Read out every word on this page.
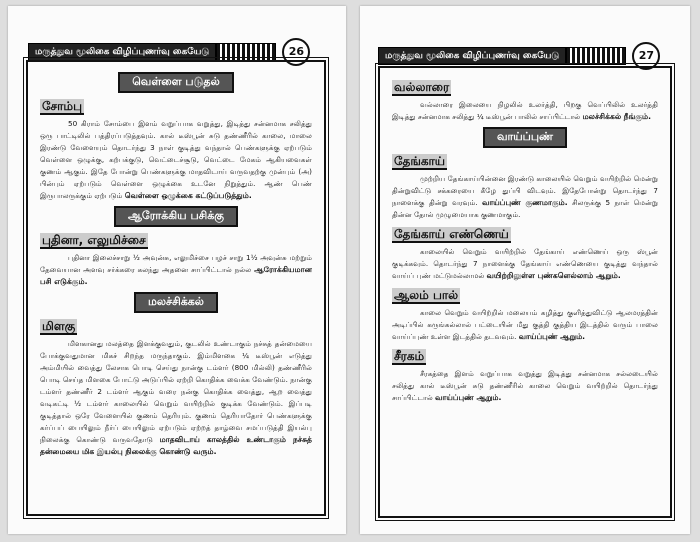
மருத்துவ மூலிகை விழிப்புணர்வு கையேடு	26
வெள்ளை படுதல்
சோம்பு

50 கிராம் சோம்பை இளம் வறுப்பாக வறுத்து, இடித்து சன்னமாக சலித்து ஒரு பாட்டிலில் பத்திரப்படுத்தவும். கால் டீஸ்பூன் சுடு தண்ணீரில் காலை, மாலை இரண்டு வேளையும் தொடர்ந்து 3 நாள் குடித்து வந்தால் பெண்களுக்கு ஏற்படும் வெள்ளை ஒழுக்கு, கற்பக்குடு, வெட்டைச்சூடு, வெட்டை மேகம் ஆகியவைகள் குணம் ஆகும். இதே போன்று பெண்களுக்கு மாதவிடாய் வருவதற்கு முன்பும் (அ) பின்பும் ஏற்படும் வெள்ளை ஒழுக்கை உடனே நிறுத்தும். ஆண் பெண் இருபாலருக்கும் ஏற்படும் வெள்ளை ஒழுக்கை கட்டுப்படுத்தும்.

ஆரோக்கிய பசிக்கு
புதினா, எலுமிச்சை

புதினா இலைச்சாறு ½ அவுன்சு, எலுமிச்சை பழச் சாறு 1½ அவுன்சு மற்றும் தேவையான அளவு சர்க்கரை கலந்து அதனை சாப்பிட்டால் நல்ல ஆரோக்கியமான பசி எடுக்கும்.

மலச்சிக்கல்
மிளகு

மிளகானது மலத்தை இளக்குவதும், குடலில் உண்டாகும் நச்சுத் தன்மையை போக்குவதுமான மிகச் சிறந்த மருந்தாகும். இம்மிளகை ¼ டீஸ்பூன் எடுத்து அம்மியில் வைத்து லேசாக பொடி செய்து நான்கு டம்ளர் (800 மில்லி) தண்ணீரில் பொடி செய்த மிளகை போட்டு அடுப்பில் ஏற்றி கொதிக்க வைக்க வேண்டும். நான்கு டம்ளர் தண்ணீர் 2 டம்ளர் ஆகும் வரை நன்கு கொதிக்க வைத்து, ஆற வைத்து வடிகட்டி ½ டம்ளர் காலையில் வெறும் வயிற்றில் குடிக்க வேண்டும். இப்படி குடித்தால் ஒரே வேளையில் குணம் தெரியும். குணம் தெரியாதோர் பெண்களுக்கு கர்ப்பப் பையிலும் நீர்ப் பையிலும் ஏற்படும் ஏற்றத் தாழ்வை சமப்படுத்தி இயல்பு நிலைக்கு கொண்டு வருவதோடு மாதவிடாய் காலத்தில் உண்டாகும் நச்சுத் தன்மையை மிக இயல்பு நிலைக்கு கொண்டு வரும்.

மருத்துவ மூலிகை விழிப்புணர்வு கையேடு	27
வல்லாரை

வல்லாரை இலையை நிழலில் உலர்த்தி, பிறகு வெப்பிலில் உலர்த்தி இடித்து சன்னமாக சலித்து ¼ டீஸ்பூன் பாலில் சாப்பிட்டால் மலச்சிக்கல் நீங்கும்.

வாய்ப்புண்
தேங்காய்

முற்றிய தேங்காய்பின்னை இரண்டு காலையில் வெறும் வயிற்றில் மென்று தின்றுவிட்டு சக்கரையை கீழே துப்பி விடவும். இதேபோன்று தொடர்ந்து 7 நாளைக்கு தின்று வரவும். வாய்ப்புண் குணமாகும். சிலருக்கு 5 நாள் மென்று தின்ன தோல் முழுமையாக குணமாகும்.

தேங்காய் எண்ணெய்

காலையில் வெறும் வயிற்றில் தேங்காய் எண்ணெய் ஒரு ஸ்பூன் குடிக்கவும். தொடர்ந்து 7 நாளைக்கு தேங்காய் எண்ணெயை குடித்து வந்தால் வாய்ப் புண் மட்டுமல்லாமல் வயிற்றிலுள்ள புண்களெல்லாம் ஆறும்.

ஆலம் பால்

காலை வெறும் வயிற்றில் மலையம் கழித்து குளித்துவிட்டு ஆலமரத்தின் அடிப்பில் கருங்கல்லால் பட்டையின் மீது குத்தி குத்திய இடத்தில் வரும் பாலை வாய்ப்புண் உள்ள இடத்தில் தடவவும். வாய்ப்புண் ஆறும்.

சீரகம்

சீரகத்தை இளம் வறுப்பாக வறுத்து இடித்து சன்னமாக சல்லடையில் சலித்து கால் டீஸ்பூன் சுடு தண்ணீரில் காலை வெறும் வயிற்றில் தொடர்ந்து சாப்பிட்டால் வாய்ப்புண் ஆறும்.
